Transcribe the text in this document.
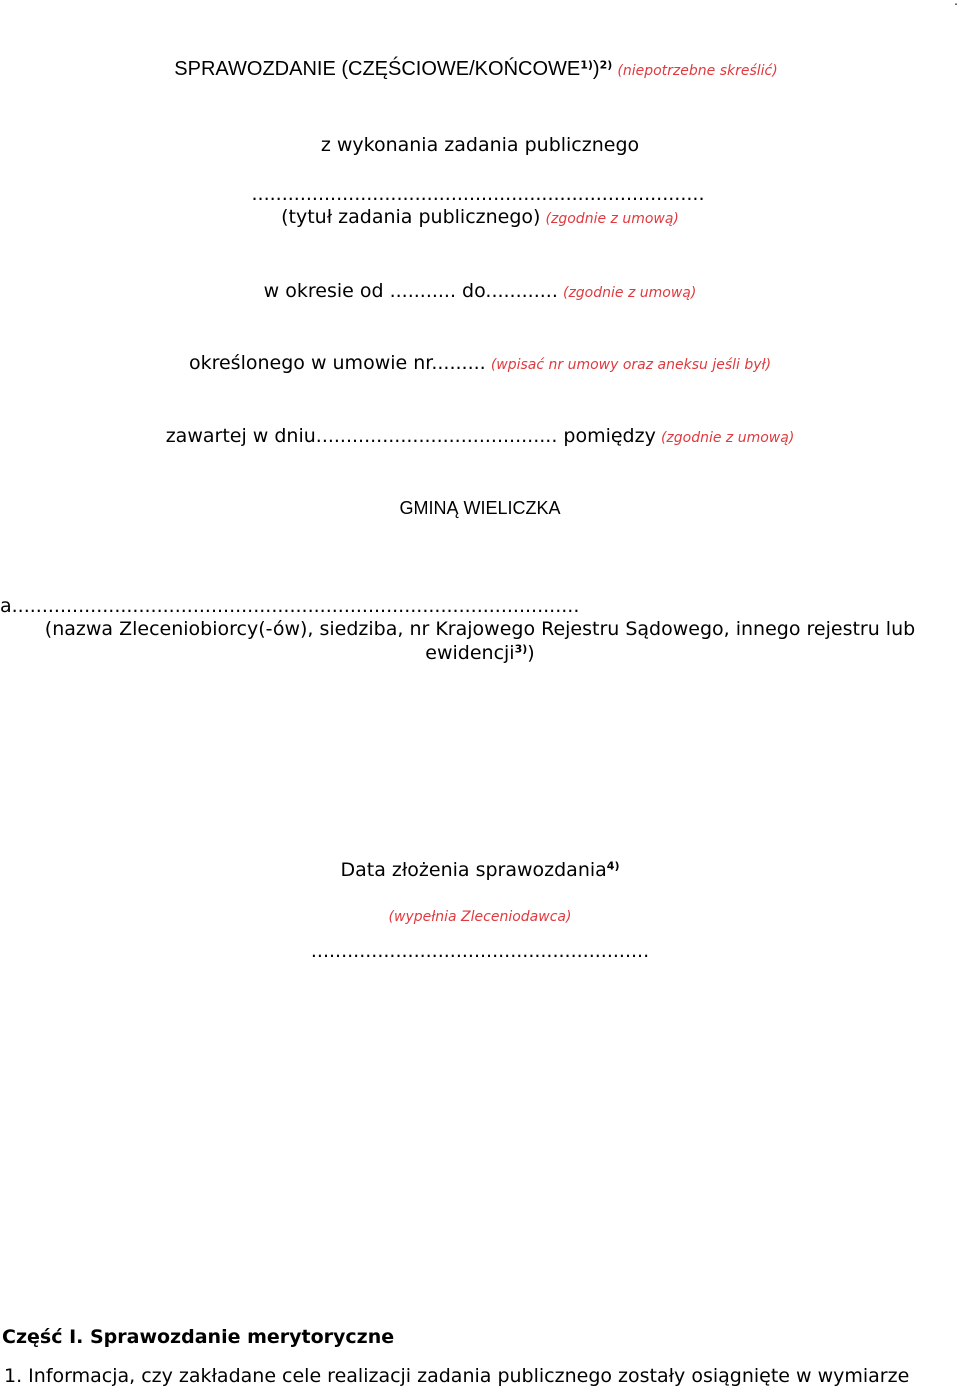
.
SPRAWOZDANIE (CZĘŚCIOWE/KOŃCOWE$^{1)}$)$^{2)}$ (niepotrzebne skreślić)
z wykonania zadania publicznego
...........................................................................
(tytuł zadania publicznego) (zgodnie z umową)
w okresie od ........... do............ (zgodnie z umową)
określonego w umowie nr......... (wpisać nr umowy oraz aneksu jeśli był)
zawartej w dniu........................................ pomiędzy (zgodnie z umową)
GMINĄ WIELICZKA
a..............................................................................................
(nazwa Zleceniobiorcy(-ów), siedziba, nr Krajowego Rejestru Sądowego, innego rejestru lub
ewidencji$^{3)}$)
Data złożenia sprawozdania$^{4)}$
(wypełnia Zleceniodawca)
........................................................
Część I. Sprawozdanie merytoryczne
1. Informacja, czy zakładane cele realizacji zadania publicznego zostały osiągnięte w wymiarze
